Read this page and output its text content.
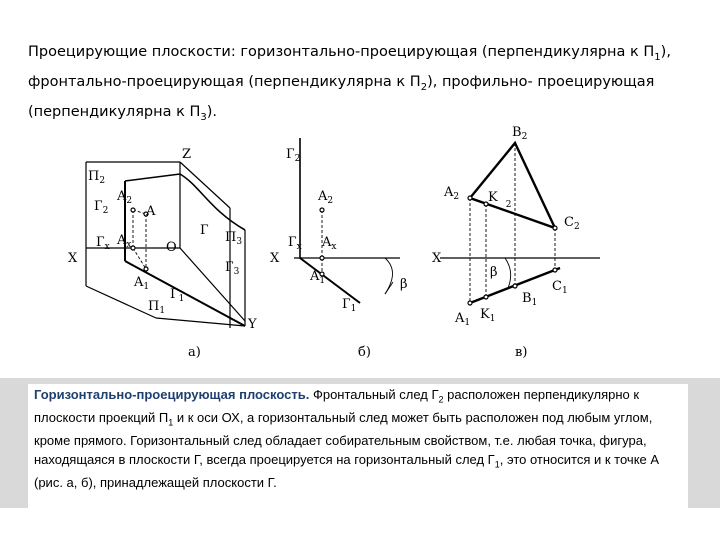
Проецирующие плоскости: горизонтально-проецирующая (перпендикулярна к $П_1$), фронтально-проецирующая (перпендикулярна к $П_2$), профильно- проецирующая (перпендикулярна к $П_3$).
Z
X
Y
O
$П_2$
$Г_2$
$A_2$
A
$Г_x$ $A_x$
Г $П_3$
$Г_3$
$A_1$ $Г_1$
$П_1$
а)
$Г_2$
$A_2$
X
$Г_x$ $A_x$
$A_1$	β
$Г_1$
б)
$B_2$
$A_2$ K $_2$
$C_2$
X
β
$B_1$
$C_1$
$A_1$
$K_1$
в)
Горизонтально-проецирующая плоскость. Фронтальный след $Г_2$ расположен перпендикулярно к плоскости проекций $П_1$ и к оси ОХ, а горизонтальный след может быть расположен под любым углом, кроме прямого. Горизонтальный след обладает собирательным свойством, т.е. любая точка, фигура, находящаяся в плоскости Г, всегда проецируется на горизонтальный след $Г_1$, это относится и к точке А (рис. а, б), принадлежащей плоскости Г.
